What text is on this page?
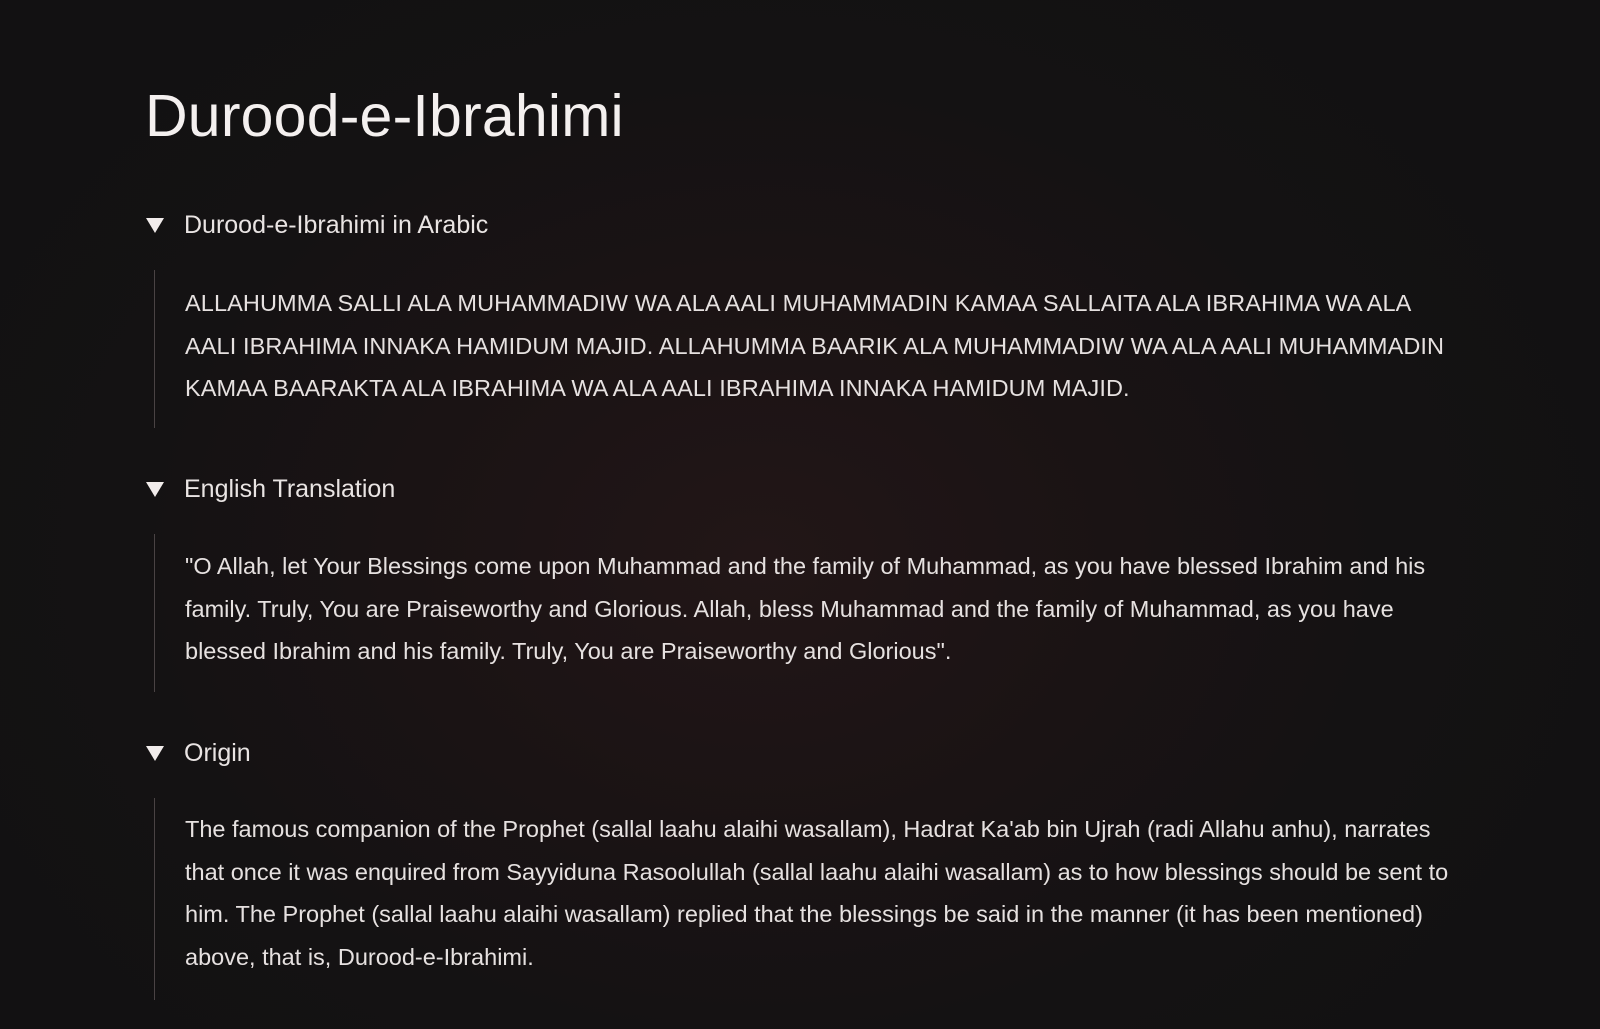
Durood-e-Ibrahimi
Durood-e-Ibrahimi in Arabic

ALLAHUMMA SALLI ALA MUHAMMADIW WA ALA AALI MUHAMMADIN KAMAA SALLAITA ALA IBRAHIMA WA ALA AALI IBRAHIMA INNAKA HAMIDUM MAJID. ALLAHUMMA BAARIK ALA MUHAMMADIW WA ALA AALI MUHAMMADIN KAMAA BAARAKTA ALA IBRAHIMA WA ALA AALI IBRAHIMA INNAKA HAMIDUM MAJID.

English Translation

"O Allah, let Your Blessings come upon Muhammad and the family of Muhammad, as you have blessed Ibrahim and his family. Truly, You are Praiseworthy and Glorious. Allah, bless Muhammad and the family of Muhammad, as you have blessed Ibrahim and his family. Truly, You are Praiseworthy and Glorious".

Origin

The famous companion of the Prophet (sallal laahu alaihi wasallam), Hadrat Ka'ab bin Ujrah (radi Allahu anhu), narrates that once it was enquired from Sayyiduna Rasoolullah (sallal laahu alaihi wasallam) as to how blessings should be sent to him. The Prophet (sallal laahu alaihi wasallam) replied that the blessings be said in the manner (it has been mentioned) above, that is, Durood-e-Ibrahimi.
